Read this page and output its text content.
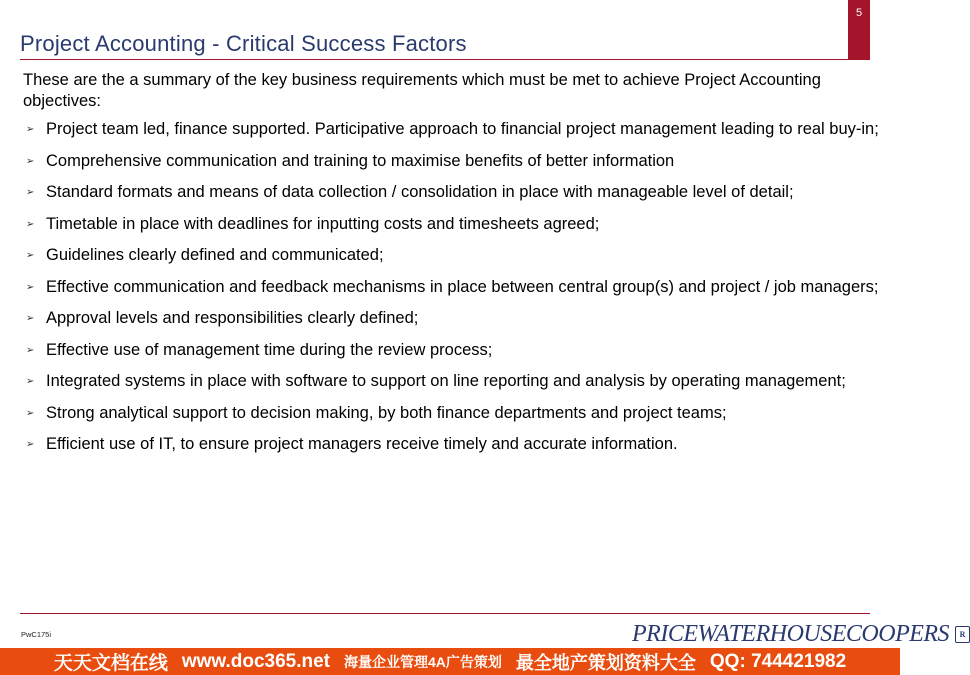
5
Project Accounting - Critical Success Factors
These are the a summary of the key business requirements which must be met to achieve Project Accounting objectives:
➢ Project team led, finance supported. Participative approach to financial project management leading to real buy-in;
➢ Comprehensive communication and training to maximise benefits of better information
➢ Standard formats and means of data collection / consolidation in place with manageable level of detail;
➢ Timetable in place with deadlines for inputting costs and timesheets agreed;
➢ Guidelines clearly defined and communicated;
➢ Effective communication and feedback mechanisms in place between central group(s) and project / job managers;
➢ Approval levels and responsibilities clearly defined;
➢ Effective use of management time during the review process;
➢ Integrated systems in place with software to support on line reporting and analysis by operating management;
➢ Strong analytical support to decision making, by both finance departments and project teams;
➢ Efficient use of IT, to ensure project managers receive timely and accurate information.
PwC175i	PRICEWATERHOUSECOOPERS	R
天天文档在线 www.doc365.net 海量企业管理4A广告策划 最全地产策划资料大全 QQ: 744421982
